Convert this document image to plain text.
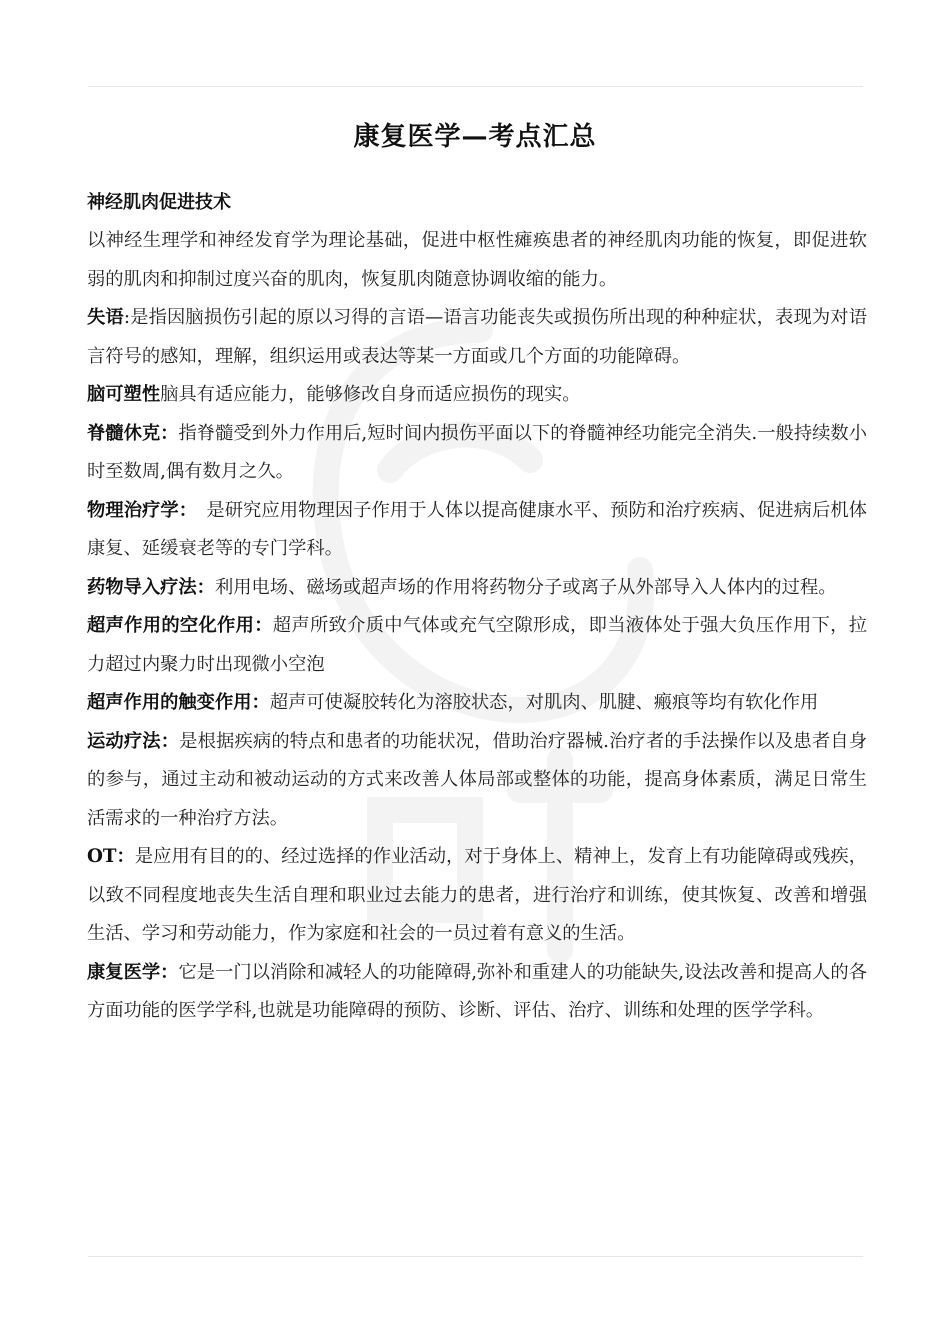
康复医学—考点汇总
神经肌肉促进技术

以神经生理学和神经发育学为理论基础，促进中枢性瘫痪患者的神经肌肉功能的恢复，即促进软弱的肌肉和抑制过度兴奋的肌肉，恢复肌肉随意协调收缩的能力。

失语:是指因脑损伤引起的原以习得的言语—语言功能丧失或损伤所出现的种种症状，表现为对语言符号的感知，理解，组织运用或表达等某一方面或几个方面的功能障碍。

脑可塑性脑具有适应能力，能够修改自身而适应损伤的现实。

脊髓休克：指脊髓受到外力作用后,短时间内损伤平面以下的脊髓神经功能完全消失.一般持续数小时至数周,偶有数月之久。

物理治疗学：　是研究应用物理因子作用于人体以提高健康水平、预防和治疗疾病、促进病后机体康复、延缓衰老等的专门学科。

药物导入疗法：利用电场、磁场或超声场的作用将药物分子或离子从外部导入人体内的过程。

超声作用的空化作用：超声所致介质中气体或充气空隙形成，即当液体处于强大负压作用下，拉力超过内聚力时出现微小空泡

超声作用的触变作用：超声可使凝胶转化为溶胶状态，对肌肉、肌腱、瘢痕等均有软化作用

运动疗法：是根据疾病的特点和患者的功能状况，借助治疗器械.治疗者的手法操作以及患者自身的参与，通过主动和被动运动的方式来改善人体局部或整体的功能，提高身体素质，满足日常生活需求的一种治疗方法。

OT：是应用有目的的、经过选择的作业活动，对于身体上、精神上，发育上有功能障碍或残疾，以致不同程度地丧失生活自理和职业过去能力的患者，进行治疗和训练，使其恢复、改善和增强生活、学习和劳动能力，作为家庭和社会的一员过着有意义的生活。

康复医学：它是一门以消除和减轻人的功能障碍,弥补和重建人的功能缺失,设法改善和提高人的各方面功能的医学学科,也就是功能障碍的预防、诊断、评估、治疗、训练和处理的医学学科。
